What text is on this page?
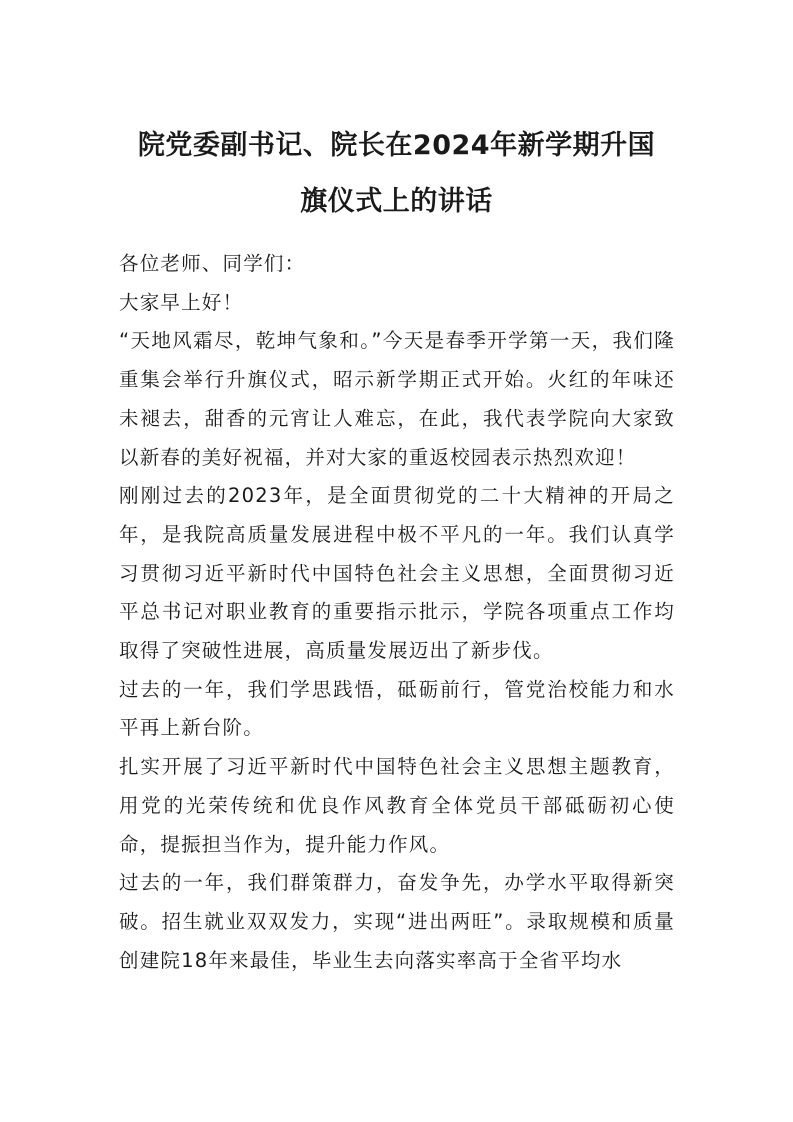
院党委副书记、院长在2024年新学期升国
旗仪式上的讲话

各位老师、同学们：

大家早上好！

“天地风霜尽，乾坤气象和。”今天是春季开学第一天，我们隆重集会举行升旗仪式，昭示新学期正式开始。火红的年味还未褪去，甜香的元宵让人难忘，在此，我代表学院向大家致以新春的美好祝福，并对大家的重返校园表示热烈欢迎！

刚刚过去的2023年，是全面贯彻党的二十大精神的开局之年，是我院高质量发展进程中极不平凡的一年。我们认真学习贯彻习近平新时代中国特色社会主义思想，全面贯彻习近平总书记对职业教育的重要指示批示，学院各项重点工作均取得了突破性进展，高质量发展迈出了新步伐。

过去的一年，我们学思践悟，砥砺前行，管党治校能力和水平再上新台阶。

扎实开展了习近平新时代中国特色社会主义思想主题教育，用党的光荣传统和优良作风教育全体党员干部砥砺初心使命，提振担当作为，提升能力作风。

过去的一年，我们群策群力，奋发争先，办学水平取得新突破。招生就业双双发力，实现“进出两旺”。录取规模和质量创建院18年来最佳，毕业生去向落实率高于全省平均水
